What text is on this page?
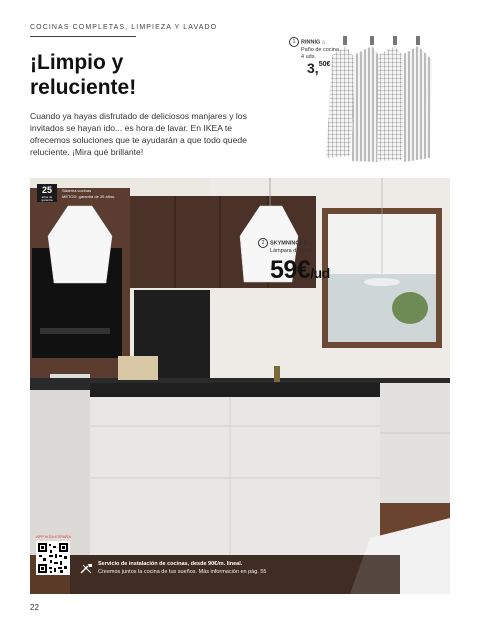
COCINAS COMPLETAS, LIMPIEZA Y LAVADO
¡Limpio y
reluciente!
Cuando ya hayas disfrutado de deliciosos manjares y los invitados se hayan ido... es hora de lavar. En IKEA te ofrecemos soluciones que te ayudarán a que todo quede reluciente. ¡Mira qué brillante!
1 RINNIG ⌂
Paño de cocina,
4 uds.
3,$^{50€}$
25
años de garantía
Sistema cocinas
METOD: garantía de 25 años.
2 SKYMNINGEN ⌂
Lámpara de techo
59€/ud
APP IKEA ESPAÑA
Servicio de instalación de cocinas, desde 90€/m. lineal.
Creemos juntos la cocina de tus sueños. Más información en pág. 55
22
